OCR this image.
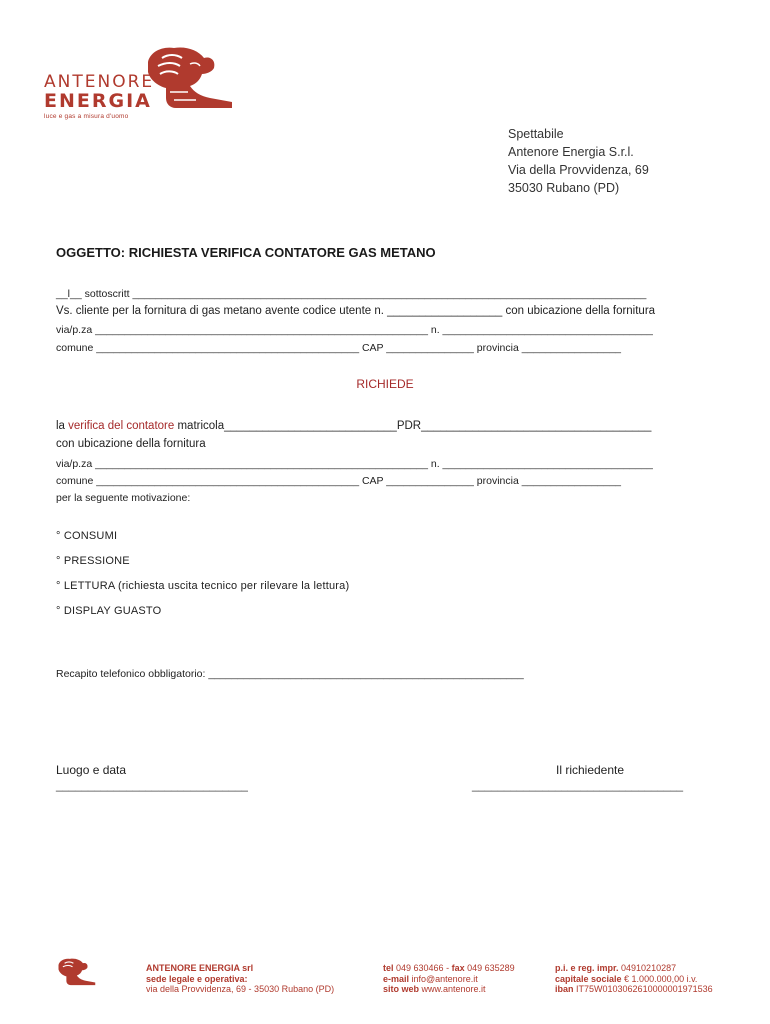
ANTENORE
ENERGIA
luce e gas a misura d'uomo
Spettabile
Antenore Energia S.r.l.
Via della Provvidenza, 69
35030 Rubano (PD)
OGGETTO: RICHIESTA VERIFICA CONTATORE GAS METANO
__l__ sottoscritt ________________________________________________________________________________________
Vs. cliente per la fornitura di gas metano avente codice utente n. __________________ con ubicazione della fornitura
via/p.za _________________________________________________________ n. ____________________________________
comune _____________________________________________ CAP _______________ provincia _________________
RICHIEDE
la verifica del contatore matricola___________________________PDR____________________________________
con ubicazione della fornitura
via/p.za _________________________________________________________ n. ____________________________________
comune _____________________________________________ CAP _______________ provincia _________________
per la seguente motivazione:
° CONSUMI
° PRESSIONE
° LETTURA (richiesta uscita tecnico per rilevare la lettura)
° DISPLAY GUASTO
Recapito telefonico obbligatorio: ______________________________________________________
Luogo e data
______________________________
Il richiedente
_________________________________
ANTENORE ENERGIA srl
sede legale e operativa:
via della Provvidenza, 69 - 35030 Rubano (PD)
tel 049 630466 - fax 049 635289
e-mail info@antenore.it
sito web www.antenore.it
p.i. e reg. impr. 04910210287
capitale sociale € 1.000.000,00 i.v.
iban IT75W0103062610000001971536
